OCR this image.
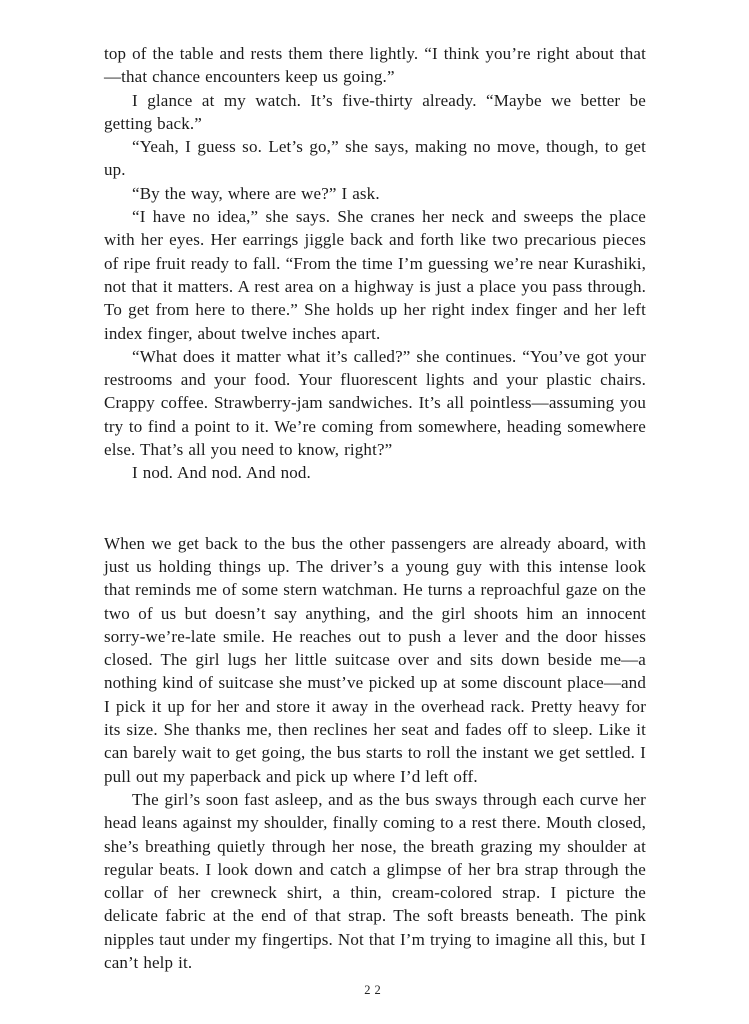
top of the table and rests them there lightly. “I think you’re right about that—that chance encounters keep us going.”

I glance at my watch. It’s five-thirty already. “Maybe we better be getting back.”

“Yeah, I guess so. Let’s go,” she says, making no move, though, to get up.

“By the way, where are we?” I ask.

“I have no idea,” she says. She cranes her neck and sweeps the place with her eyes. Her earrings jiggle back and forth like two precarious pieces of ripe fruit ready to fall. “From the time I’m guessing we’re near Kurashiki, not that it matters. A rest area on a highway is just a place you pass through. To get from here to there.” She holds up her right index finger and her left index finger, about twelve inches apart.

“What does it matter what it’s called?” she continues. “You’ve got your restrooms and your food. Your fluorescent lights and your plastic chairs. Crappy coffee. Strawberry-jam sandwiches. It’s all pointless—assuming you try to find a point to it. We’re coming from somewhere, heading somewhere else. That’s all you need to know, right?”

I nod. And nod. And nod.

When we get back to the bus the other passengers are already aboard, with just us holding things up. The driver’s a young guy with this intense look that reminds me of some stern watchman. He turns a reproachful gaze on the two of us but doesn’t say anything, and the girl shoots him an innocent sorry-we’re-late smile. He reaches out to push a lever and the door hisses closed. The girl lugs her little suitcase over and sits down beside me—a nothing kind of suitcase she must’ve picked up at some discount place—and I pick it up for her and store it away in the overhead rack. Pretty heavy for its size. She thanks me, then reclines her seat and fades off to sleep. Like it can barely wait to get going, the bus starts to roll the instant we get settled. I pull out my paperback and pick up where I’d left off.

The girl’s soon fast asleep, and as the bus sways through each curve her head leans against my shoulder, finally coming to a rest there. Mouth closed, she’s breathing quietly through her nose, the breath grazing my shoulder at regular beats. I look down and catch a glimpse of her bra strap through the collar of her crewneck shirt, a thin, cream-colored strap. I picture the delicate fabric at the end of that strap. The soft breasts beneath. The pink nipples taut under my fingertips. Not that I’m trying to imagine all this, but I can’t help it.

22
